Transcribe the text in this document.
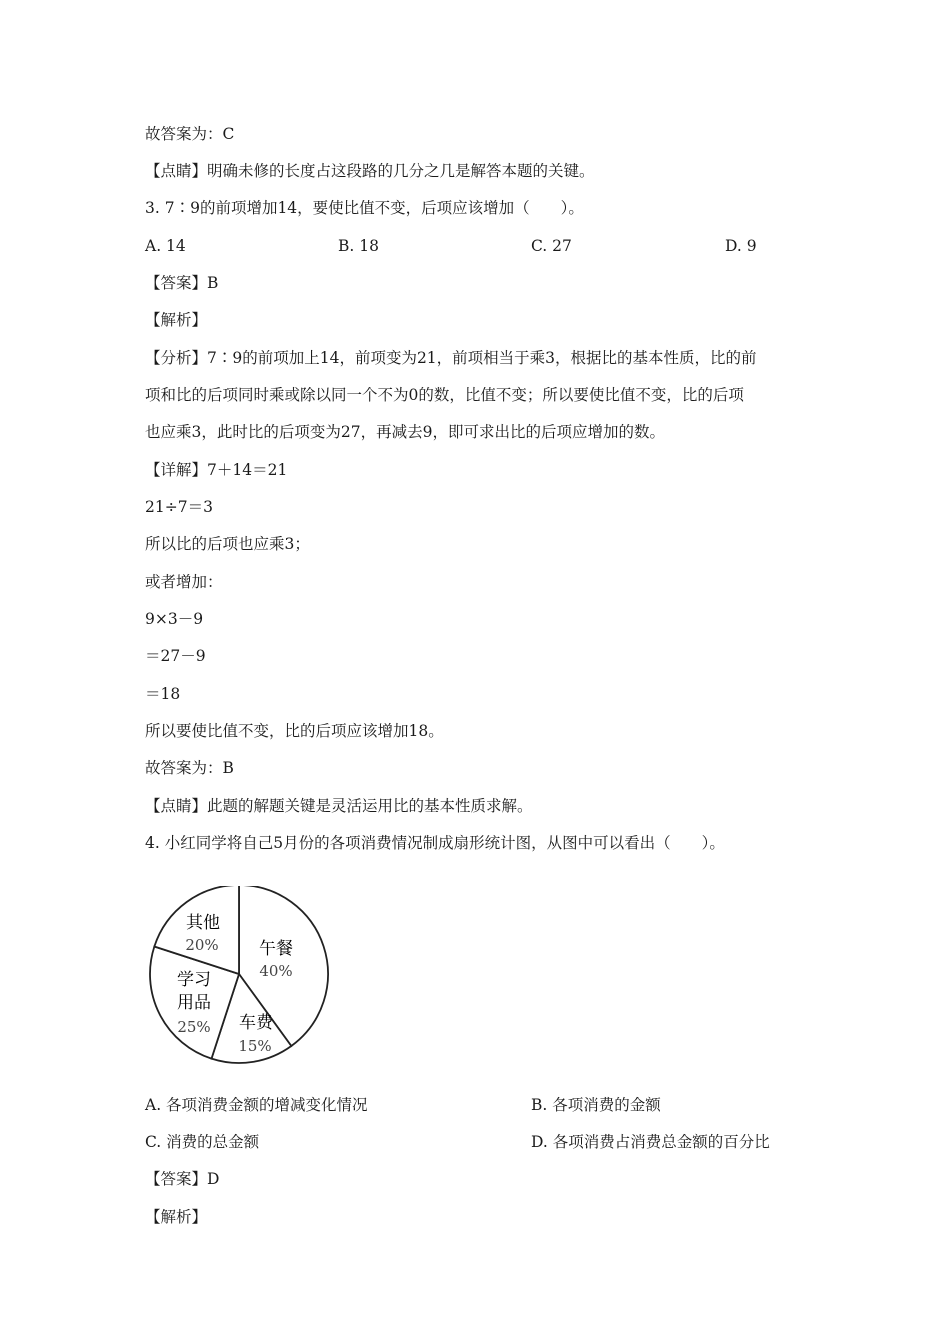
故答案为：C
【点睛】明确未修的长度占这段路的几分之几是解答本题的关键。
3. 7∶9的前项增加14，要使比值不变，后项应该增加（　　）。
A. 14	B. 18	C. 27	D. 9
【答案】B
【解析】
【分析】7∶9的前项加上14，前项变为21，前项相当于乘3，根据比的基本性质，比的前
项和比的后项同时乘或除以同一个不为0的数，比值不变；所以要使比值不变，比的后项
也应乘3，此时比的后项变为27，再减去9，即可求出比的后项应增加的数。
【详解】7＋14＝21
21÷7＝3
所以比的后项也应乘3；
或者增加：
9×3－9
＝27－9
＝18
所以要使比值不变，比的后项应该增加18。
故答案为：B
【点睛】此题的解题关键是灵活运用比的基本性质求解。
4. 小红同学将自己5月份的各项消费情况制成扇形统计图，从图中可以看出（　　）。
午餐
40%
车费
15%
学习
用品
25%
其他
20%
A. 各项消费金额的增减变化情况	B. 各项消费的金额
C. 消费的总金额	D. 各项消费占消费总金额的百分比
【答案】D
【解析】
